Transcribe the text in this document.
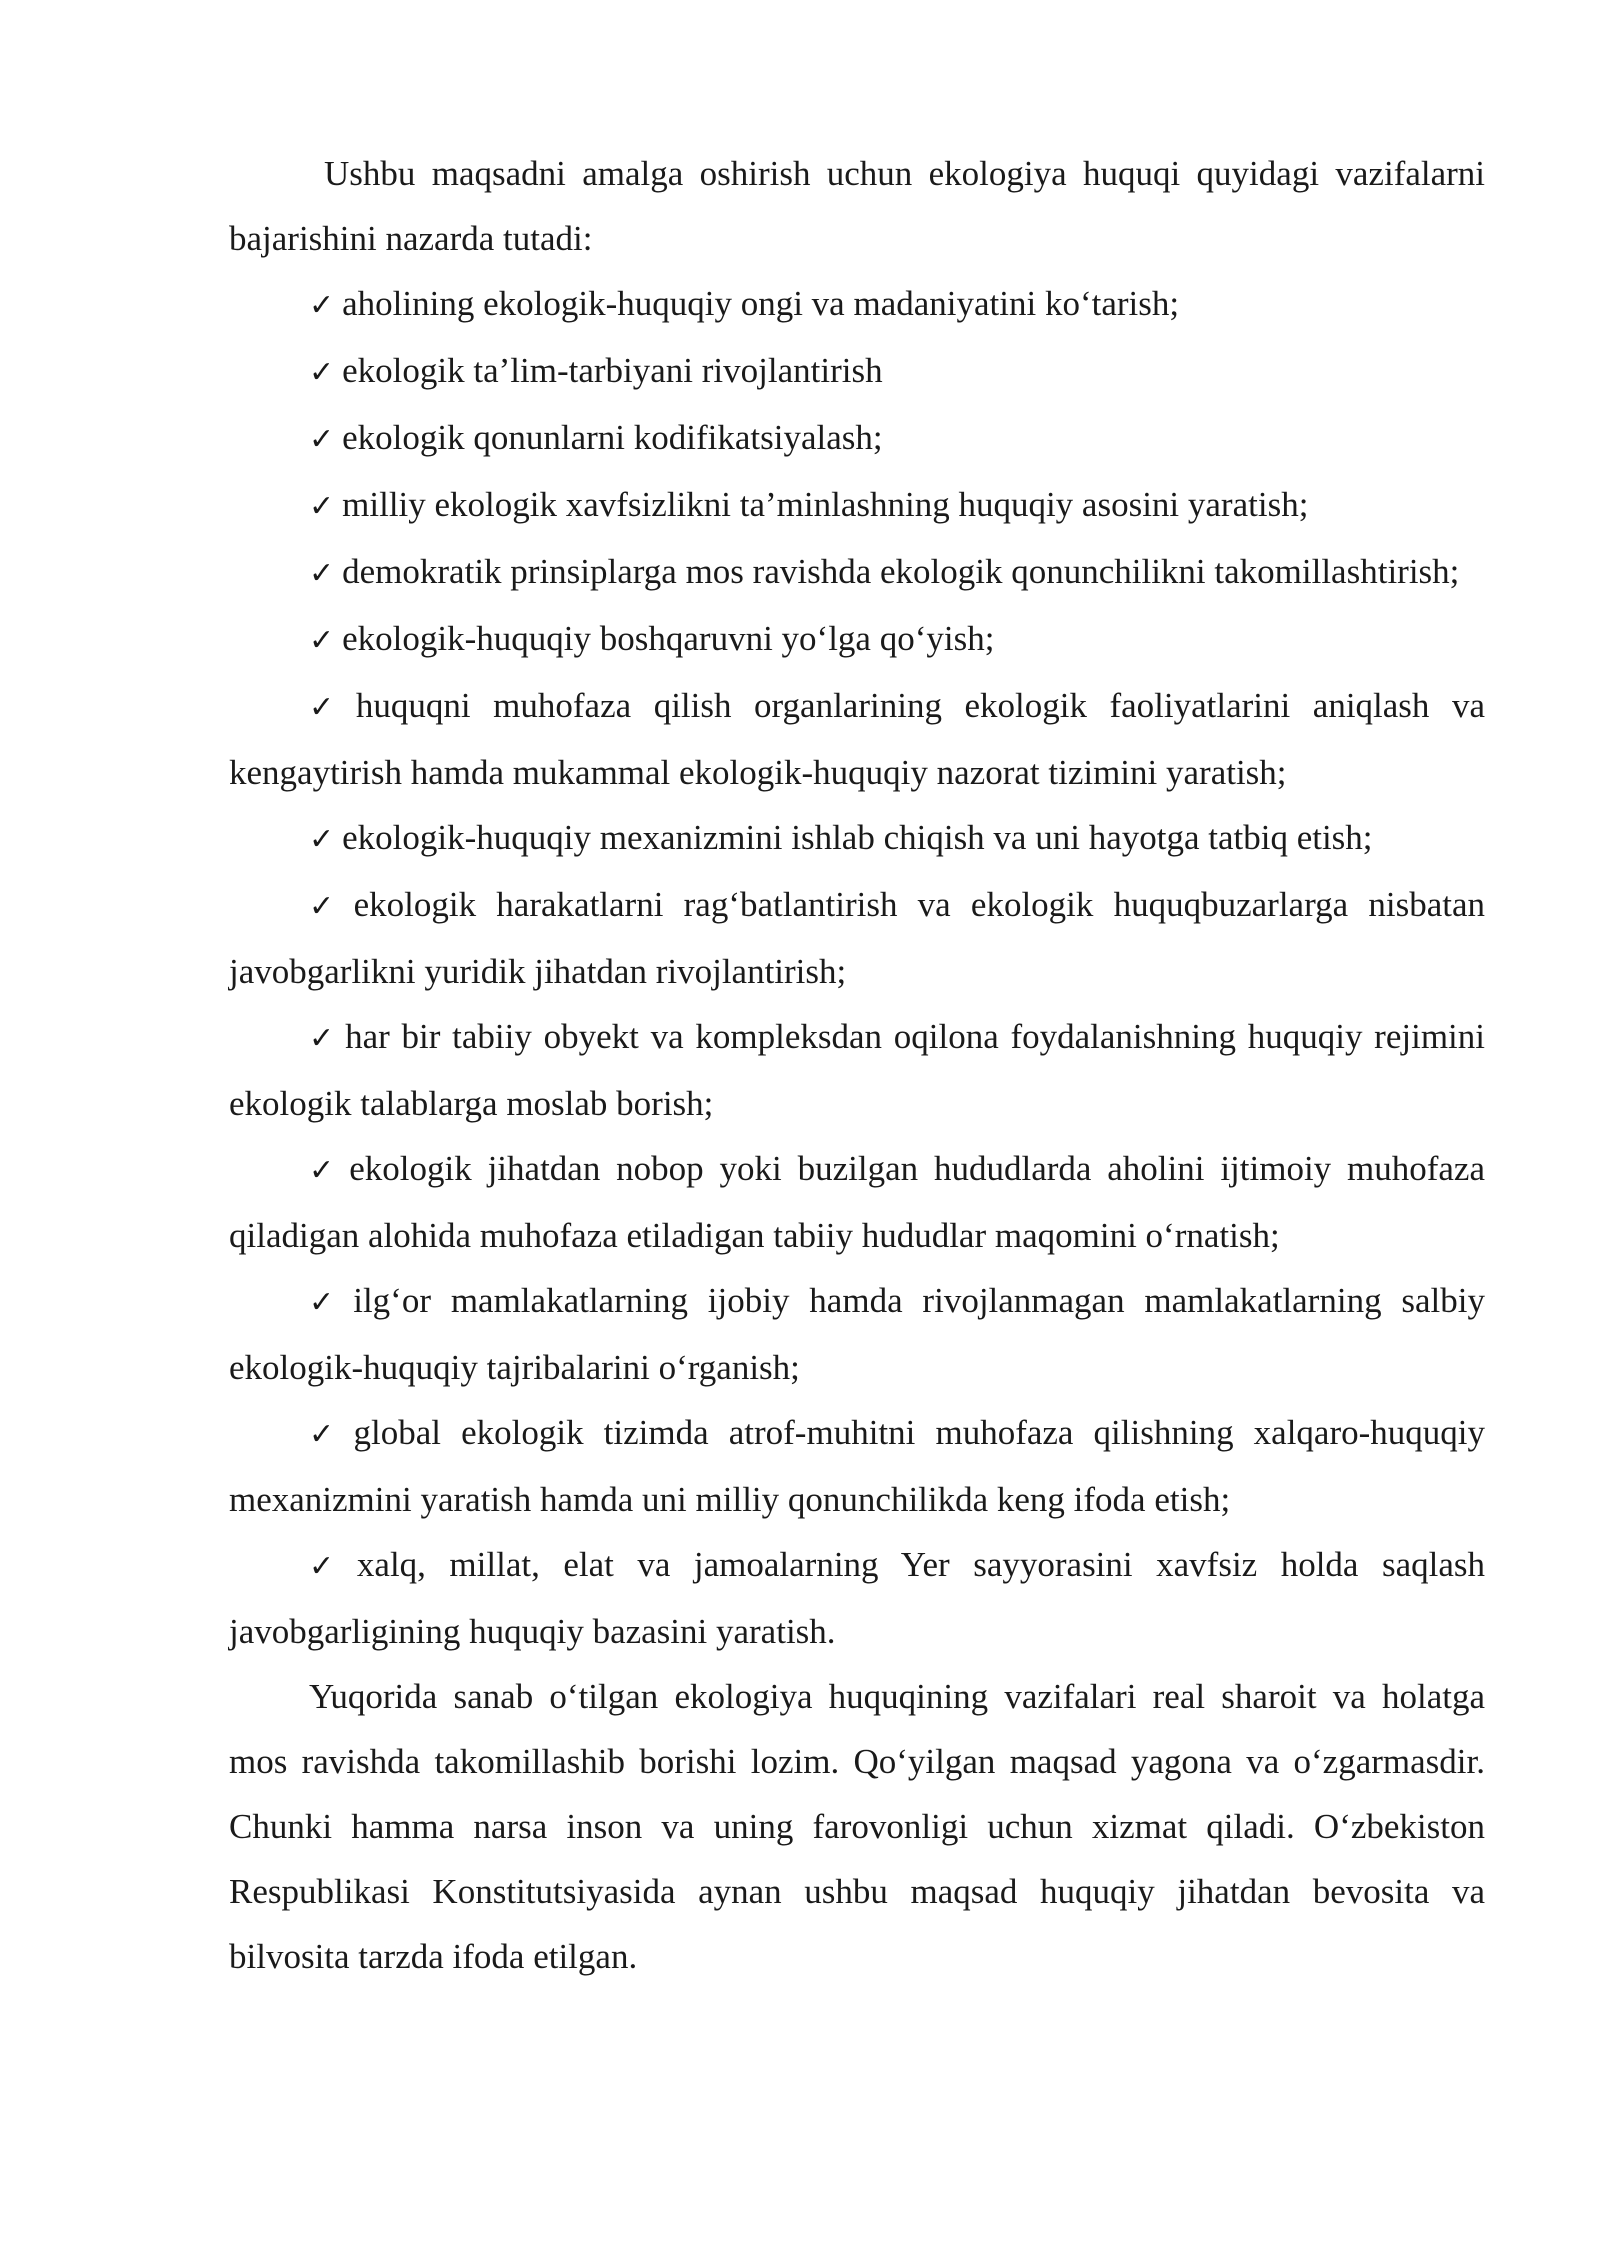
Ushbu maqsadni amalga oshirish uchun ekologiya huquqi quyidagi vazifalarni bajarishini nazarda tutadi:

✓ aholining ekologik-huquqiy ongi va madaniyatini ko‘tarish;

✓ ekologik ta’lim-tarbiyani rivojlantirish

✓ ekologik qonunlarni kodifikatsiyalash;

✓ milliy ekologik xavfsizlikni ta’minlashning huquqiy asosini yaratish;

✓ demokratik prinsiplarga mos ravishda ekologik qonunchilikni takomillashtirish;

✓ ekologik-huquqiy boshqaruvni yo‘lga qo‘yish;

✓ huquqni muhofaza qilish organlarining ekologik faoliyatlarini aniqlash va kengaytirish hamda mukammal ekologik-huquqiy nazorat tizimini yaratish;

✓ ekologik-huquqiy mexanizmini ishlab chiqish va uni hayotga tatbiq etish;

✓ ekologik harakatlarni rag‘batlantirish va ekologik huquqbuzarlarga nisbatan javobgarlikni yuridik jihatdan rivojlantirish;

✓ har bir tabiiy obyekt va kompleksdan oqilona foydalanishning huquqiy rejimini ekologik talablarga moslab borish;

✓ ekologik jihatdan nobop yoki buzilgan hududlarda aholini ijtimoiy muhofaza qiladigan alohida muhofaza etiladigan tabiiy hududlar maqomini o‘rnatish;

✓ ilg‘or mamlakatlarning ijobiy hamda rivojlanmagan mamlakatlarning salbiy ekologik-huquqiy tajribalarini o‘rganish;

✓ global ekologik tizimda atrof-muhitni muhofaza qilishning xalqaro-huquqiy mexanizmini yaratish hamda uni milliy qonunchilikda keng ifoda etish;

✓ xalq, millat, elat va jamoalarning Yer sayyorasini xavfsiz holda saqlash javobgarligining huquqiy bazasini yaratish.

Yuqorida sanab o‘tilgan ekologiya huquqining vazifalari real sharoit va holatga mos ravishda takomillashib borishi lozim. Qo‘yilgan maqsad yagona va o‘zgarmasdir. Chunki hamma narsa inson va uning farovonligi uchun xizmat qiladi. O‘zbekiston Respublikasi Konstitutsiyasida aynan ushbu maqsad huquqiy jihatdan bevosita va bilvosita tarzda ifoda etilgan.
